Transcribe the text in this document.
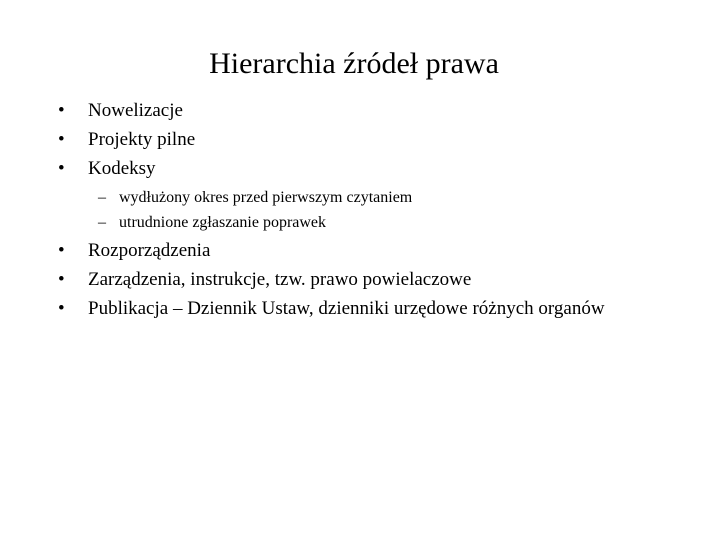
Hierarchia źródeł prawa
• Nowelizacje
• Projekty pilne
• Kodeksy
– wydłużony okres przed pierwszym czytaniem
– utrudnione zgłaszanie poprawek
• Rozporządzenia
• Zarządzenia, instrukcje, tzw. prawo powielaczowe
• Publikacja – Dziennik Ustaw, dzienniki urzędowe różnych organów
